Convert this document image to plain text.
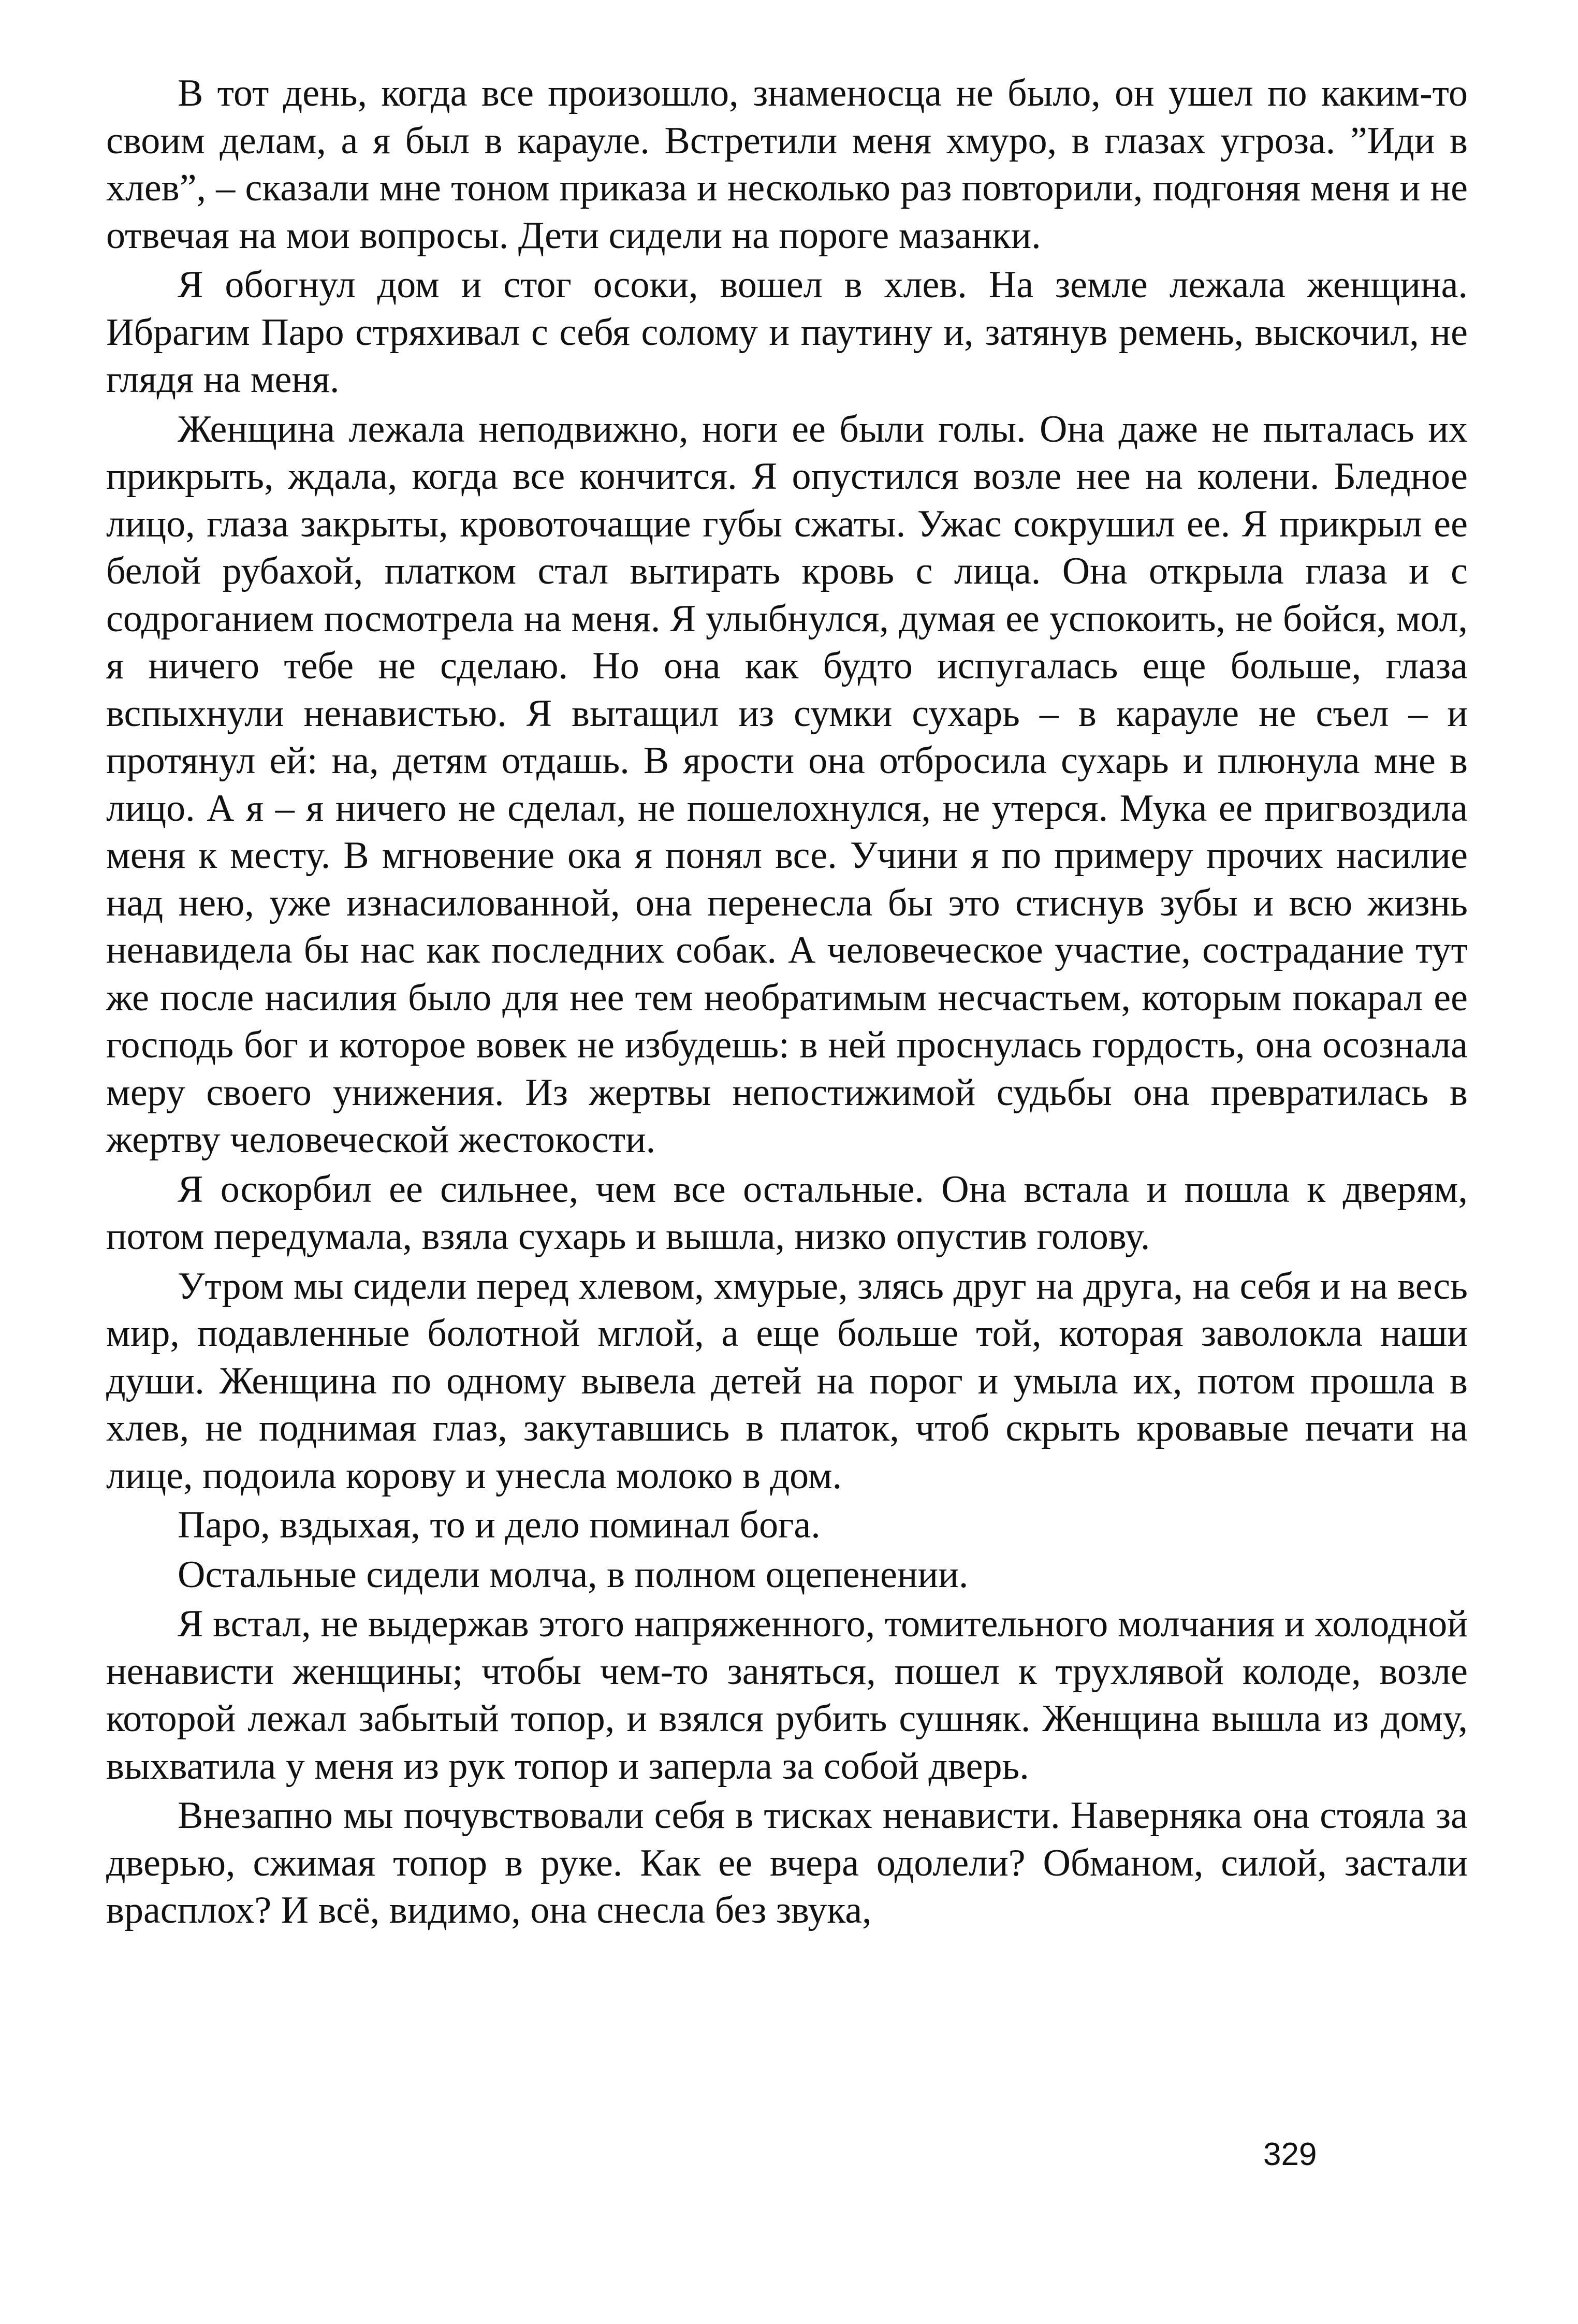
В тот день, когда все произошло, знаменосца не было, он ушел по каким-то своим делам, а я был в карауле. Встретили меня хмуро, в глазах угроза. ”Иди в хлев”, – сказали мне тоном приказа и несколько раз повторили, подгоняя меня и не отвечая на мои вопросы. Дети сидели на пороге мазанки.

Я обогнул дом и стог осоки, вошел в хлев. На земле лежала женщина. Ибрагим Паро стряхивал с себя солому и паутину и, затянув ремень, выскочил, не глядя на меня.

Женщина лежала неподвижно, ноги ее были голы. Она даже не пыталась их прикрыть, ждала, когда все кончится. Я опустился возле нее на колени. Бледное лицо, глаза закрыты, кровоточащие губы сжаты. Ужас сокрушил ее. Я прикрыл ее белой рубахой, платком стал вытирать кровь с лица. Она открыла глаза и с содроганием посмотрела на меня. Я улыбнулся, думая ее успокоить, не бойся, мол, я ничего тебе не сделаю. Но она как будто испугалась еще больше, глаза вспыхнули ненавистью. Я вытащил из сумки сухарь – в карауле не съел – и протянул ей: на, детям отдашь. В ярости она отбросила сухарь и плюнула мне в лицо. А я – я ничего не сделал, не пошелохнулся, не утерся. Мука ее пригвоздила меня к месту. В мгновение ока я понял все. Учини я по примеру прочих насилие над нею, уже изнасилованной, она перенесла бы это стиснув зубы и всю жизнь ненавидела бы нас как последних собак. А человеческое участие, сострадание тут же после насилия было для нее тем необратимым несчастьем, которым покарал ее господь бог и которое вовек не избудешь: в ней проснулась гордость, она осознала меру своего унижения. Из жертвы непостижимой судьбы она превратилась в жертву человеческой жестокости.

Я оскорбил ее сильнее, чем все остальные. Она встала и пошла к дверям, потом передумала, взяла сухарь и вышла, низко опустив голову.

Утром мы сидели перед хлевом, хмурые, злясь друг на друга, на себя и на весь мир, подавленные болотной мглой, а еще больше той, которая заволокла наши души. Женщина по одному вывела детей на порог и умыла их, потом прошла в хлев, не поднимая глаз, закутавшись в платок, чтоб скрыть кровавые печати на лице, подоила корову и унесла молоко в дом.

Паро, вздыхая, то и дело поминал бога.

Остальные сидели молча, в полном оцепенении.

Я встал, не выдержав этого напряженного, томительного молчания и холодной ненависти женщины; чтобы чем-то заняться, пошел к трухлявой колоде, возле которой лежал забытый топор, и взялся рубить сушняк. Женщина вышла из дому, выхватила у меня из рук топор и заперла за собой дверь.

Внезапно мы почувствовали себя в тисках ненависти. Наверняка она стояла за дверью, сжимая топор в руке. Как ее вчера одолели? Обманом, силой, застали врасплох? И всё, видимо, она снесла без звука,

329
